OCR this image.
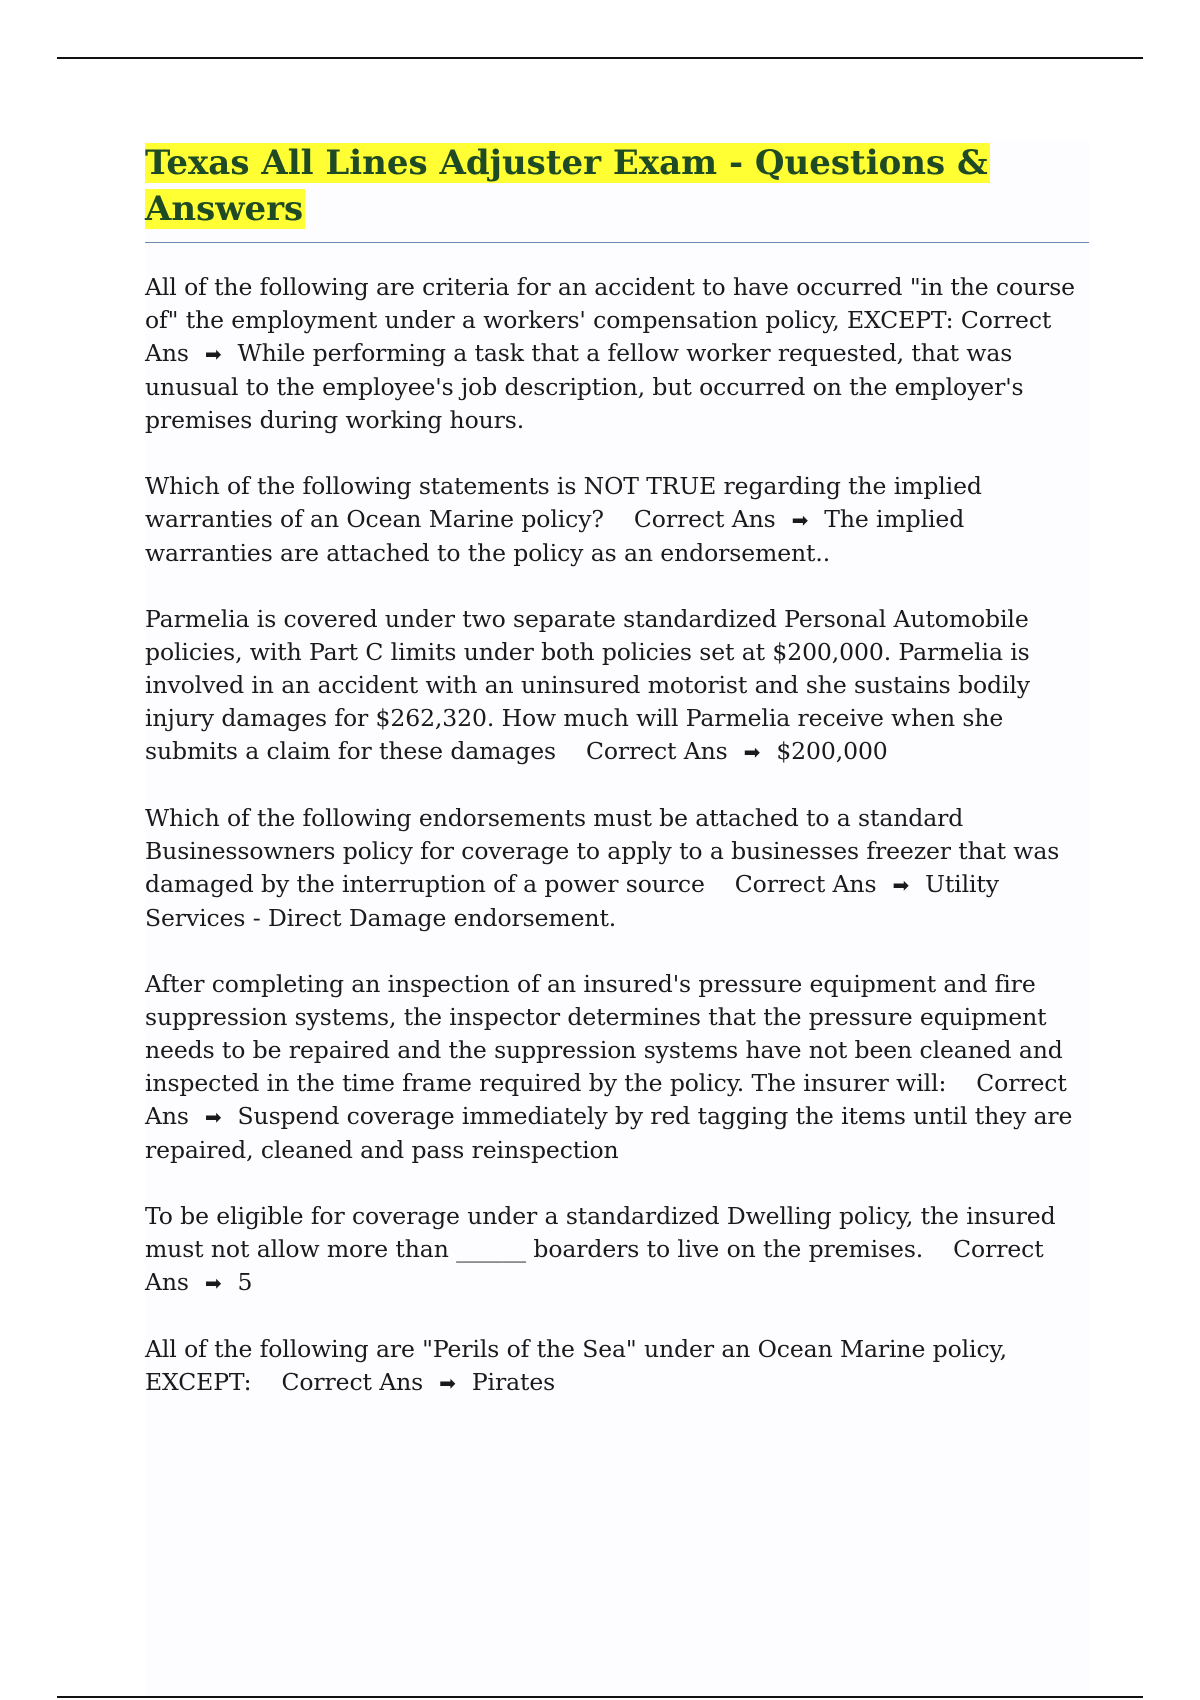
Texas All Lines Adjuster Exam - Questions &
Answers

All of the following are criteria for an accident to have occurred "in the course of" the employment under a workers' compensation policy, EXCEPT: Correct Ans ➡ While performing a task that a fellow worker requested, that was unusual to the employee's job description, but occurred on the employer's premises during working hours.

Which of the following statements is NOT TRUE regarding the implied warranties of an Ocean Marine policy? Correct Ans ➡ The implied warranties are attached to the policy as an endorsement..

Parmelia is covered under two separate standardized Personal Automobile policies, with Part C limits under both policies set at $200,000. Parmelia is involved in an accident with an uninsured motorist and she sustains bodily injury damages for $262,320. How much will Parmelia receive when she submits a claim for these damages Correct Ans ➡ $200,000

Which of the following endorsements must be attached to a standard Businessowners policy for coverage to apply to a businesses freezer that was damaged by the interruption of a power source Correct Ans ➡ Utility Services - Direct Damage endorsement.

After completing an inspection of an insured's pressure equipment and fire suppression systems, the inspector determines that the pressure equipment needs to be repaired and the suppression systems have not been cleaned and inspected in the time frame required by the policy. The insurer will: Correct Ans ➡ Suspend coverage immediately by red tagging the items until they are repaired, cleaned and pass reinspection

To be eligible for coverage under a standardized Dwelling policy, the insured must not allow more than ______ boarders to live on the premises. Correct Ans ➡ 5

All of the following are "Perils of the Sea" under an Ocean Marine policy, EXCEPT: Correct Ans ➡ Pirates
